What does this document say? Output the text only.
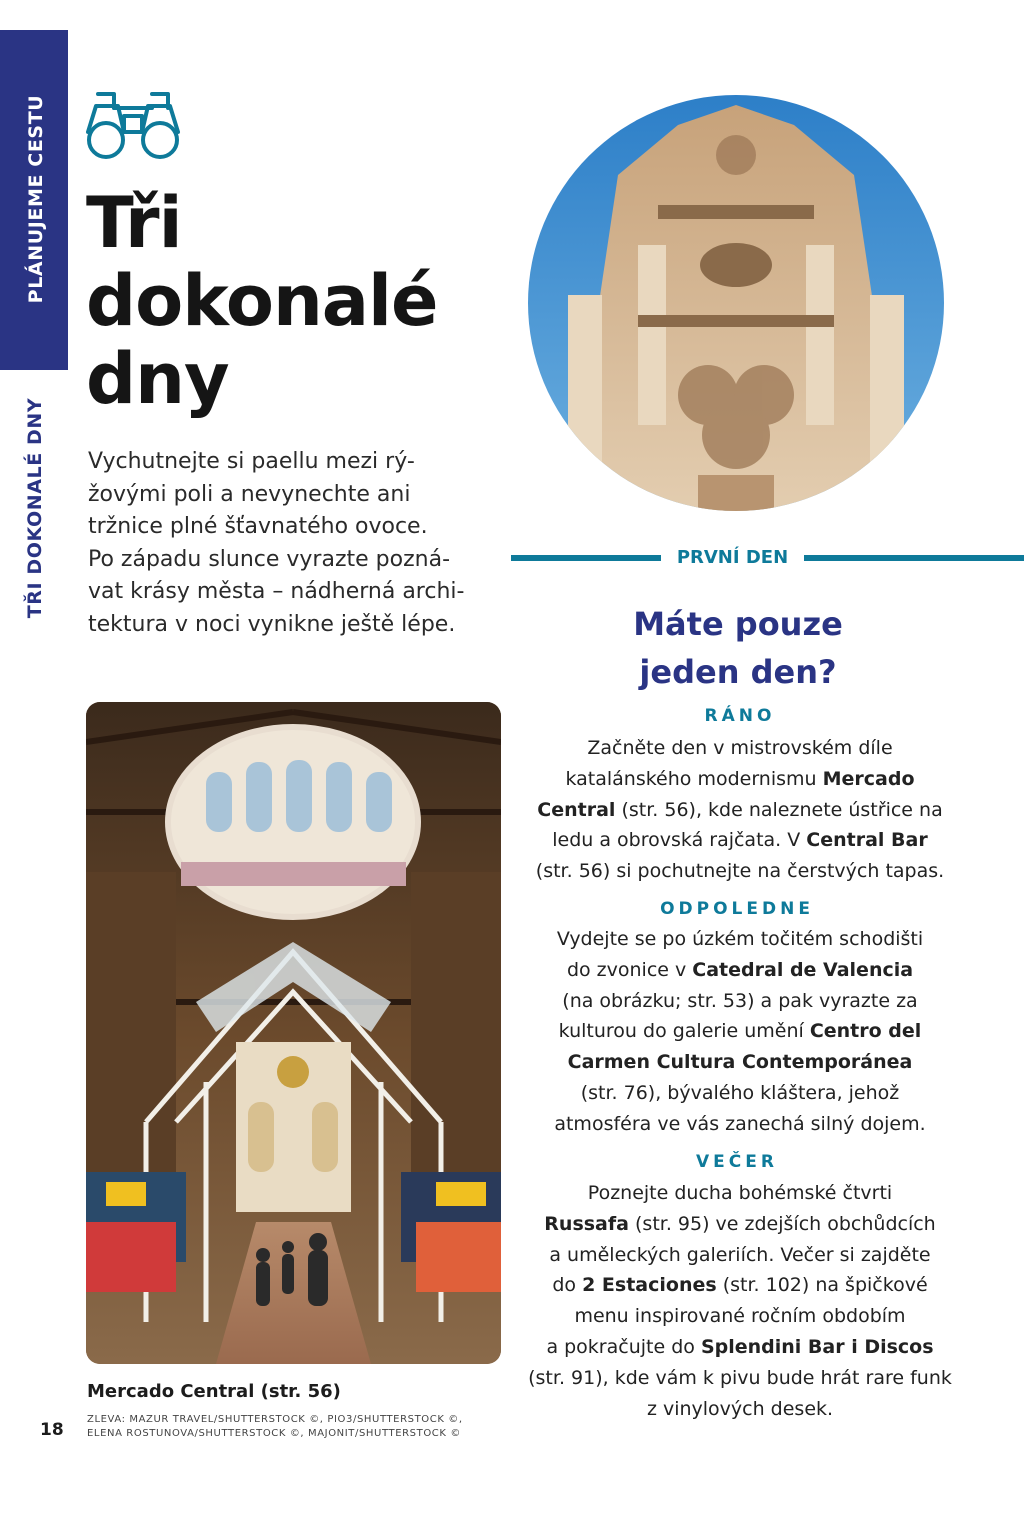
PLÁNUJEME CESTU
TŘI DOKONALÉ DNY
Tři
dokonalé
dny

Vychutnejte si paellu mezi rý-
žovými poli a nevynechte ani
tržnice plné šťavnatého ovoce.
Po západu slunce vyrazte pozná-
vat krásy města – nádherná archi-
tektura v noci vynikne ještě lépe.

Mercado Central (str. 56)

ZLEVA: MAZUR TRAVEL/SHUTTERSTOCK ©, PIO3/SHUTTERSTOCK ©,
ELENA ROSTUNOVA/SHUTTERSTOCK ©, MAJONIT/SHUTTERSTOCK ©

18

PRVNÍ DEN
Máte pouze
jeden den?

RÁNO

Začněte den v mistrovském díle
katalánského modernismu Mercado
Central (str. 56), kde naleznete ústřice na
ledu a obrovská rajčata. V Central Bar
(str. 56) si pochutnejte na čerstvých tapas.

ODPOLEDNE

Vydejte se po úzkém točitém schodišti
do zvonice v Catedral de Valencia
(na obrázku; str. 53) a pak vyrazte za
kulturou do galerie umění Centro del
Carmen Cultura Contemporánea
(str. 76), bývalého kláštera, jehož
atmosféra ve vás zanechá silný dojem.

VEČER

Poznejte ducha bohémské čtvrti
Russafa (str. 95) ve zdejších obchůdcích
a uměleckých galeriích. Večer si zajděte
do 2 Estaciones (str. 102) na špičkové
menu inspirované ročním obdobím
a pokračujte do Splendini Bar i Discos
(str. 91), kde vám k pivu bude hrát rare funk
z vinylových desek.
